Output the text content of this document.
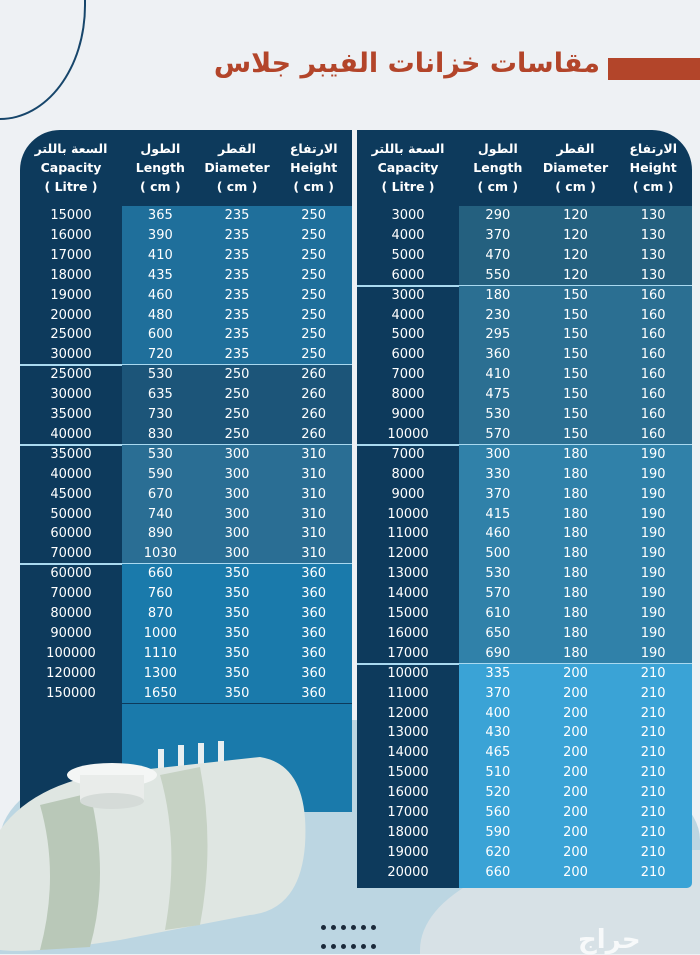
مقاسات خزانات الفيبر جلاس
السعة باللتر
Capacity
( Litre )
الطول
Length
( cm )
القطر
Diameter
( cm )
الارتفاع
Height
( cm )
15000	365	235	250
16000	390	235	250
17000	410	235	250
18000	435	235	250
19000	460	235	250
20000	480	235	250
25000	600	235	250
30000	720	235	250
25000	530	250	260
30000	635	250	260
35000	730	250	260
40000	830	250	260
35000	530	300	310
40000	590	300	310
45000	670	300	310
50000	740	300	310
60000	890	300	310
70000	1030	300	310
60000	660	350	360
70000	760	350	360
80000	870	350	360
90000	1000	350	360
100000	1110	350	360
120000	1300	350	360
150000	1650	350	360
السعة باللتر
Capacity
( Litre )
الطول
Length
( cm )
القطر
Diameter
( cm )
الارتفاع
Height
( cm )
3000	290	120	130
4000	370	120	130
5000	470	120	130
6000	550	120	130
3000	180	150	160
4000	230	150	160
5000	295	150	160
6000	360	150	160
7000	410	150	160
8000	475	150	160
9000	530	150	160
10000	570	150	160
7000	300	180	190
8000	330	180	190
9000	370	180	190
10000	415	180	190
11000	460	180	190
12000	500	180	190
13000	530	180	190
14000	570	180	190
15000	610	180	190
16000	650	180	190
17000	690	180	190
10000	335	200	210
11000	370	200	210
12000	400	200	210
13000	430	200	210
14000	465	200	210
15000	510	200	210
16000	520	200	210
17000	560	200	210
18000	590	200	210
19000	620	200	210
20000	660	200	210

حراج
